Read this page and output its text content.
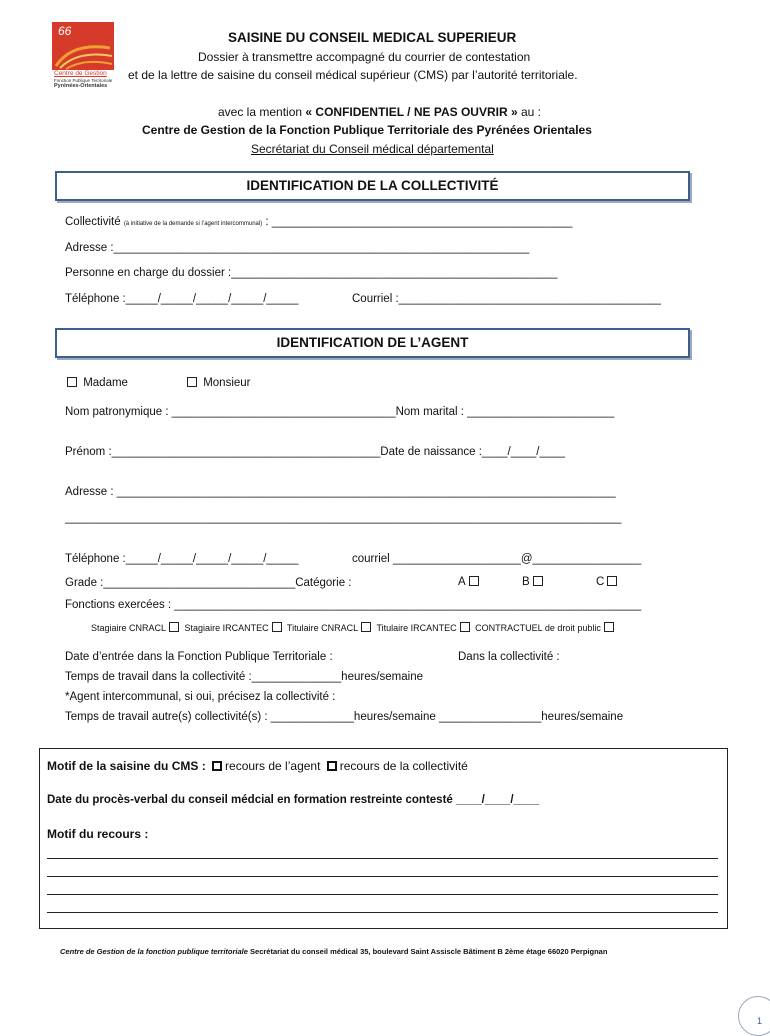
66
Centre de Gestion
Fonction Publique Territoriale
Pyrénées-Orientales
SAISINE DU CONSEIL MEDICAL SUPERIEUR
Dossier à transmettre accompagné du courrier de contestation
et de la lettre de saisine du conseil médical supérieur (CMS) par l’autorité territoriale.
avec la mention « CONFIDENTIEL / NE PAS OUVRIR » au :
Centre de Gestion de la Fonction Publique Territoriale des Pyrénées Orientales
Secrétariat du Conseil médical départemental
IDENTIFICATION DE LA COLLECTIVITÉ
Collectivité (à initiative de la demande si l’agent intercommunal) : _______________________________________________
Adresse :_________________________________________________________________
Personne en charge du dossier :___________________________________________________
Téléphone :_____/_____/_____/_____/_____	Courriel :_________________________________________
IDENTIFICATION DE L’AGENT
Madame	Monsieur
Nom patronymique : ___________________________________Nom marital : _______________________
Prénom :__________________________________________Date de naissance :____/____/____
Adresse : ______________________________________________________________________________
_______________________________________________________________________________________
Téléphone :_____/_____/_____/_____/_____	courriel ____________________@_________________
Grade :______________________________Catégorie :	A	B	C
Fonctions exercées : _________________________________________________________________________
Stagiaire CNRACL Stagiaire IRCANTEC Titulaire CNRACL Titulaire IRCANTEC CONTRACTUEL de droit public
Date d’entrée dans la Fonction Publique Territoriale :	Dans la collectivité :
Temps de travail dans la collectivité :______________heures/semaine
*Agent intercommunal, si oui, précisez la collectivité :
Temps de travail autre(s) collectivité(s) : _____________heures/semaine ________________heures/semaine
Motif de la saisine du CMS : recours de l’agent recours de la collectivité
Date du procès-verbal du conseil médcial en formation restreinte contesté ____/____/____
Motif du recours :
Centre de Gestion de la fonction publique territoriale Secrétariat du conseil médical 35, boulevard Saint Assiscle Bâtiment B 2ème étage 66020 Perpignan
1
